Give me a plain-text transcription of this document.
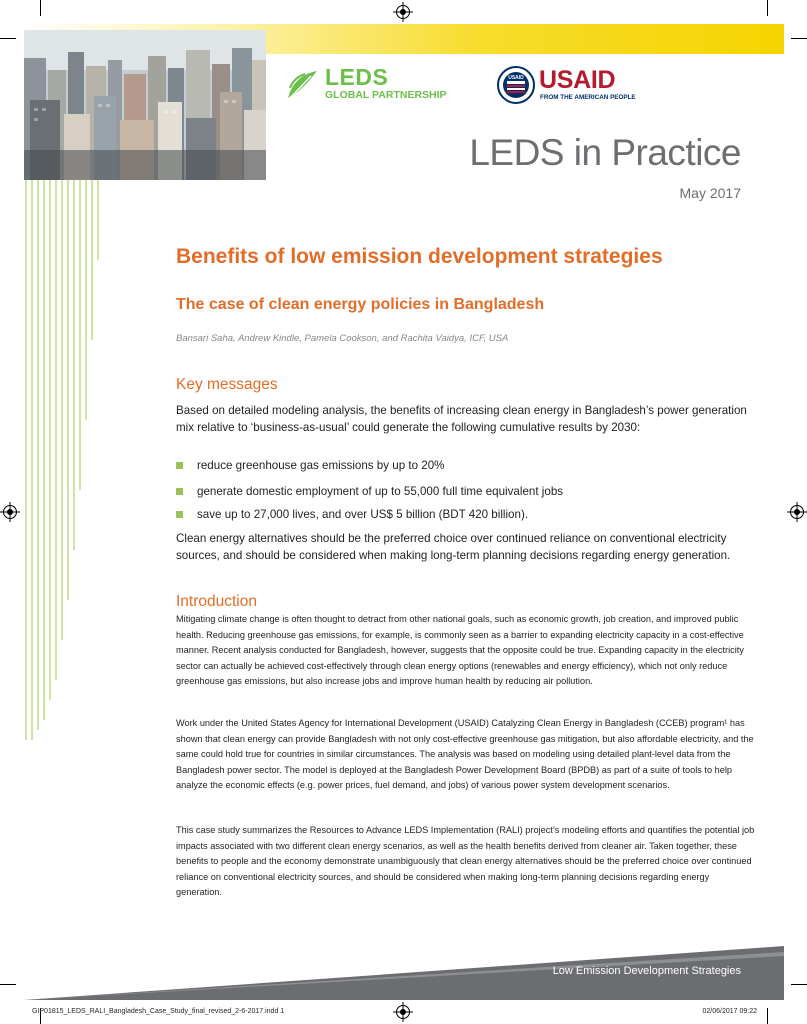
LEDS
GLOBAL PARTNERSHIP
USAID USAID
FROM THE AMERICAN PEOPLE
LEDS in Practice
May 2017
Benefits of low emission development strategies
The case of clean energy policies in Bangladesh
Bansari Saha, Andrew Kindle, Pamela Cookson, and Rachita Vaidya, ICF, USA
Key messages
Based on detailed modeling analysis, the benefits of increasing clean energy in Bangladesh’s power generation mix relative to ‘business-as-usual’ could generate the following cumulative results by 2030:
reduce greenhouse gas emissions by up to 20%
generate domestic employment of up to 55,000 full time equivalent jobs
save up to 27,000 lives, and over US$ 5 billion (BDT 420 billion).
Clean energy alternatives should be the preferred choice over continued reliance on conventional electricity sources, and should be considered when making long-term planning decisions regarding energy generation.
Introduction
Mitigating climate change is often thought to detract from other national goals, such as economic growth, job creation, and improved public health. Reducing greenhouse gas emissions, for example, is commonly seen as a barrier to expanding electricity capacity in a cost-effective manner. Recent analysis conducted for Bangladesh, however, suggests that the opposite could be true. Expanding capacity in the electricity sector can actually be achieved cost-effectively through clean energy options (renewables and energy efficiency), which not only reduce greenhouse gas emissions, but also increase jobs and improve human health by reducing air pollution.
Work under the United States Agency for International Development (USAID) Catalyzing Clean Energy in Bangladesh (CCEB) program¹ has shown that clean energy can provide Bangladesh with not only cost-effective greenhouse gas mitigation, but also affordable electricity, and the same could hold true for countries in similar circumstances. The analysis was based on modeling using detailed plant-level data from the Bangladesh power sector. The model is deployed at the Bangladesh Power Development Board (BPDB) as part of a suite of tools to help analyze the economic effects (e.g. power prices, fuel demand, and jobs) of various power system development scenarios.
This case study summarizes the Resources to Advance LEDS Implementation (RALI) project’s modeling efforts and quantifies the potential job impacts associated with two different clean energy scenarios, as well as the health benefits derived from cleaner air. Taken together, these benefits to people and the economy demonstrate unambiguously that clean energy alternatives should be the preferred choice over continued reliance on conventional electricity sources, and should be considered when making long-term planning decisions regarding energy generation.
Low Emission Development Strategies
GIP01815_LEDS_RALI_Bangladesh_Case_Study_final_revised_2-6-2017.indd 1	02/06/2017 09:22
